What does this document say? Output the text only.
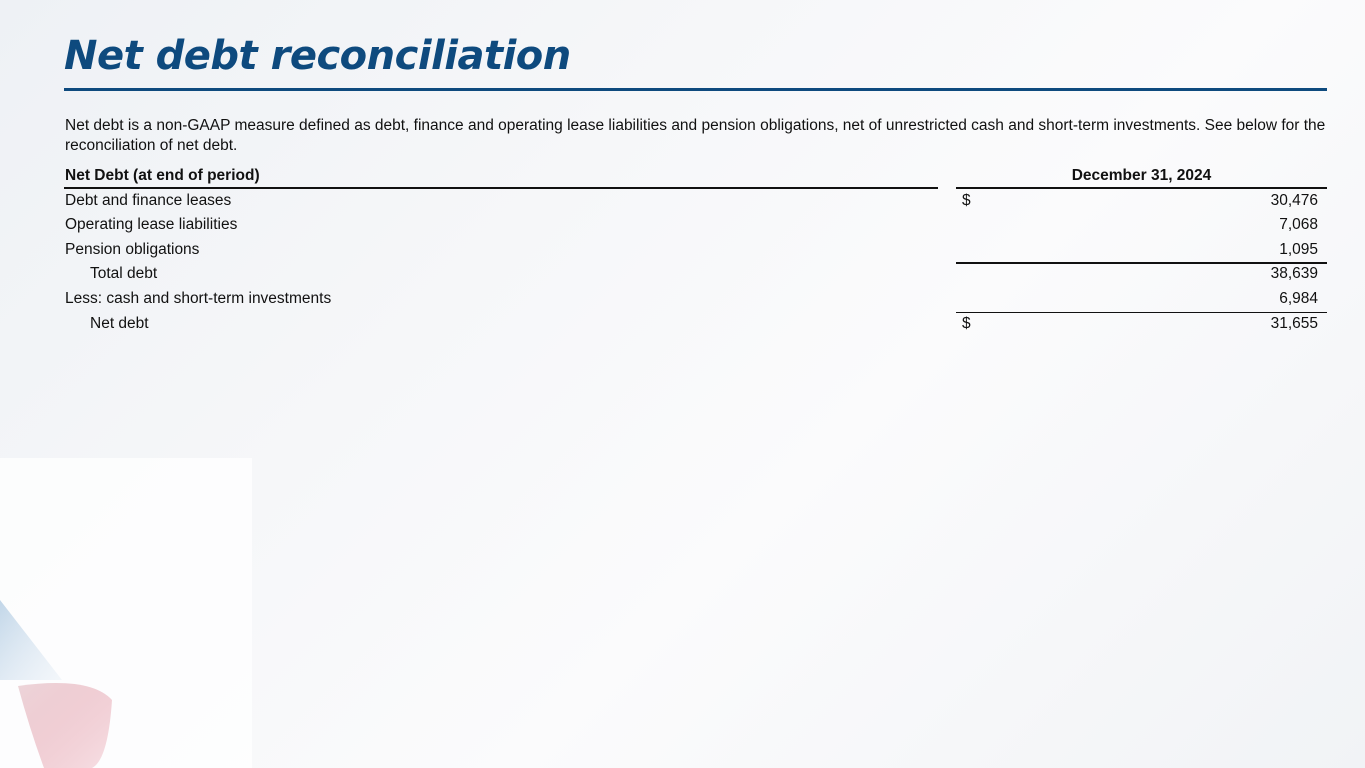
Net debt reconciliation

Net debt is a non-GAAP measure defined as debt, finance and operating lease liabilities and pension obligations, net of unrestricted cash and short-term investments. See below for the reconciliation of net debt.

Net Debt (at end of period)	December 31, 2024
Debt and finance leases	$	30,476
Operating lease liabilities	7,068
Pension obligations	1,095
Total debt	38,639
Less: cash and short-term investments	6,984
Net debt	$	31,655
